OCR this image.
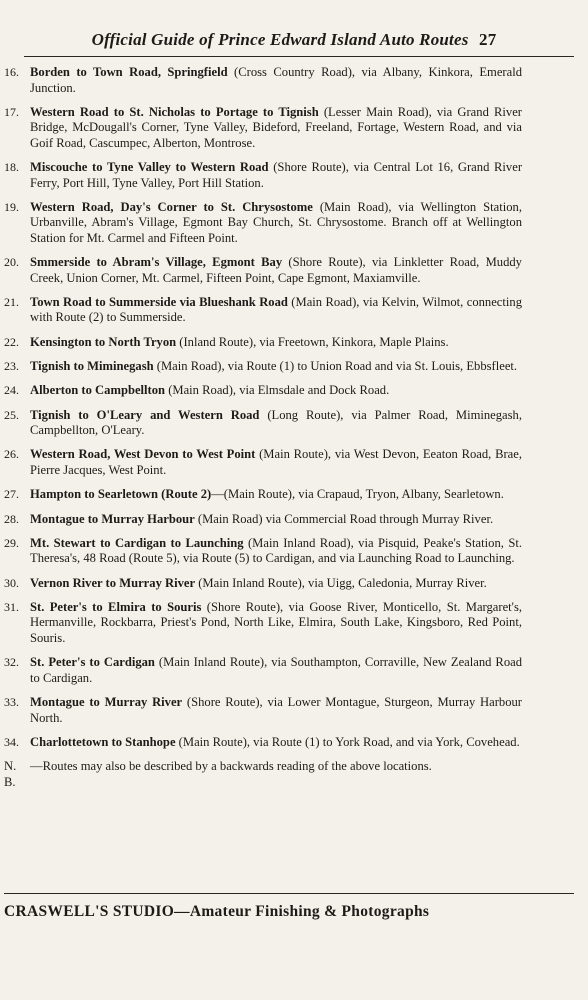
Official Guide of Prince Edward Island Auto Routes 27
16. Borden to Town Road, Springfield (Cross Country Road), via Albany, Kinkora, Emerald Junction.
17. Western Road to St. Nicholas to Portage to Tignish (Lesser Main Road), via Grand River Bridge, McDougall's Corner, Tyne Valley, Bideford, Freeland, Fortage, Western Road, and via Goif Road, Cascumpec, Alberton, Montrose.
18. Miscouche to Tyne Valley to Western Road (Shore Route), via Central Lot 16, Grand River Ferry, Port Hill, Tyne Valley, Port Hill Station.
19. Western Road, Day's Corner to St. Chrysostome (Main Road), via Wellington Station, Urbanville, Abram's Village, Egmont Bay Church, St. Chrysostome. Branch off at Wellington Station for Mt. Carmel and Fifteen Point.
20. Smmerside to Abram's Village, Egmont Bay (Shore Route), via Linkletter Road, Muddy Creek, Union Corner, Mt. Carmel, Fifteen Point, Cape Egmont, Maxiamville.
21. Town Road to Summerside via Blueshank Road (Main Road), via Kelvin, Wilmot, connecting with Route (2) to Summerside.
22. Kensington to North Tryon (Inland Route), via Freetown, Kinkora, Maple Plains.
23. Tignish to Miminegash (Main Road), via Route (1) to Union Road and via St. Louis, Ebbsfleet.
24. Alberton to Campbellton (Main Road), via Elmsdale and Dock Road.
25. Tignish to O'Leary and Western Road (Long Route), via Palmer Road, Miminegash, Campbellton, O'Leary.
26. Western Road, West Devon to West Point (Main Route), via West Devon, Eeaton Road, Brae, Pierre Jacques, West Point.
27. Hampton to Searletown (Route 2)—(Main Route), via Crapaud, Tryon, Albany, Searletown.
28. Montague to Murray Harbour (Main Road) via Commercial Road through Murray River.
29. Mt. Stewart to Cardigan to Launching (Main Inland Road), via Pisquid, Peake's Station, St. Theresa's, 48 Road (Route 5), via Route (5) to Cardigan, and via Launching Road to Launching.
30. Vernon River to Murray River (Main Inland Route), via Uigg, Caledonia, Murray River.
31. St. Peter's to Elmira to Souris (Shore Route), via Goose River, Monticello, St. Margaret's, Hermanville, Rockbarra, Priest's Pond, North Like, Elmira, South Lake, Kingsboro, Red Point, Souris.
32. St. Peter's to Cardigan (Main Inland Route), via Southampton, Corraville, New Zealand Road to Cardigan.
33. Montague to Murray River (Shore Route), via Lower Montague, Sturgeon, Murray Harbour North.
34. Charlottetown to Stanhope (Main Route), via Route (1) to York Road, and via York, Covehead.
N. B.
—Routes may also be described by a backwards reading of the above locations.
CRASWELL'S STUDIO—Amateur Finishing & Photographs
